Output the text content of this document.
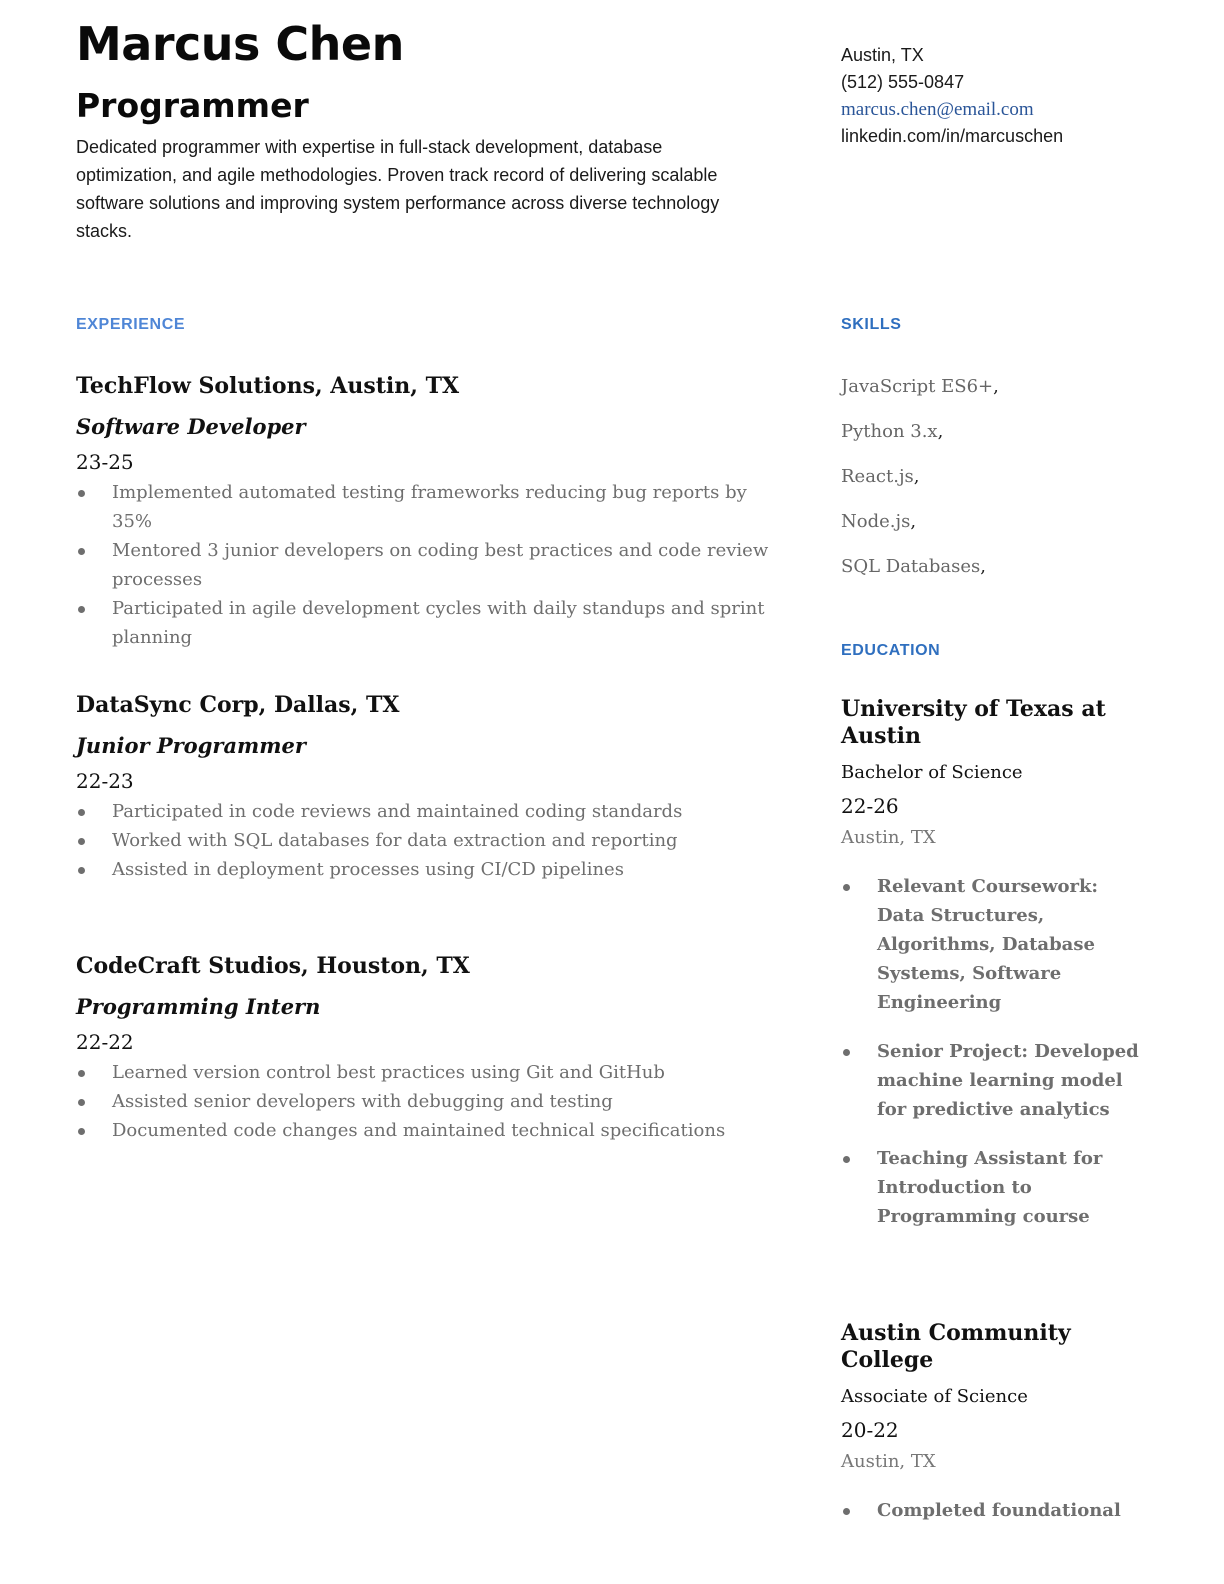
Marcus Chen
Programmer

Dedicated programmer with expertise in full-stack development, database optimization, and agile methodologies. Proven track record of delivering scalable software solutions and improving system performance across diverse technology stacks.

Austin, TX
(512) 555-0847
marcus.chen@email.com
linkedin.com/in/marcuschen
EXPERIENCE	SKILLS
EDUCATION

TechFlow Solutions, Austin, TX

Software Developer

23-25

Implemented automated testing frameworks reducing bug reports by 35%
Mentored 3 junior developers on coding best practices and code review processes
Participated in agile development cycles with daily standups and sprint planning

DataSync Corp, Dallas, TX

Junior Programmer

22-23

Participated in code reviews and maintained coding standards
Worked with SQL databases for data extraction and reporting
Assisted in deployment processes using CI/CD pipelines

CodeCraft Studios, Houston, TX

Programming Intern

22-22

Learned version control best practices using Git and GitHub
Assisted senior developers with debugging and testing
Documented code changes and maintained technical specifications
JavaScript ES6+,
Python 3.x,
React.js,
Node.js,
SQL Databases,

University of Texas at Austin

Bachelor of Science

22-26

Austin, TX

Relevant Coursework: Data Structures, Algorithms, Database Systems, Software Engineering
Senior Project: Developed machine learning model for predictive analytics
Teaching Assistant for Introduction to Programming course

Austin Community College

Associate of Science

20-22

Austin, TX

Completed foundational
